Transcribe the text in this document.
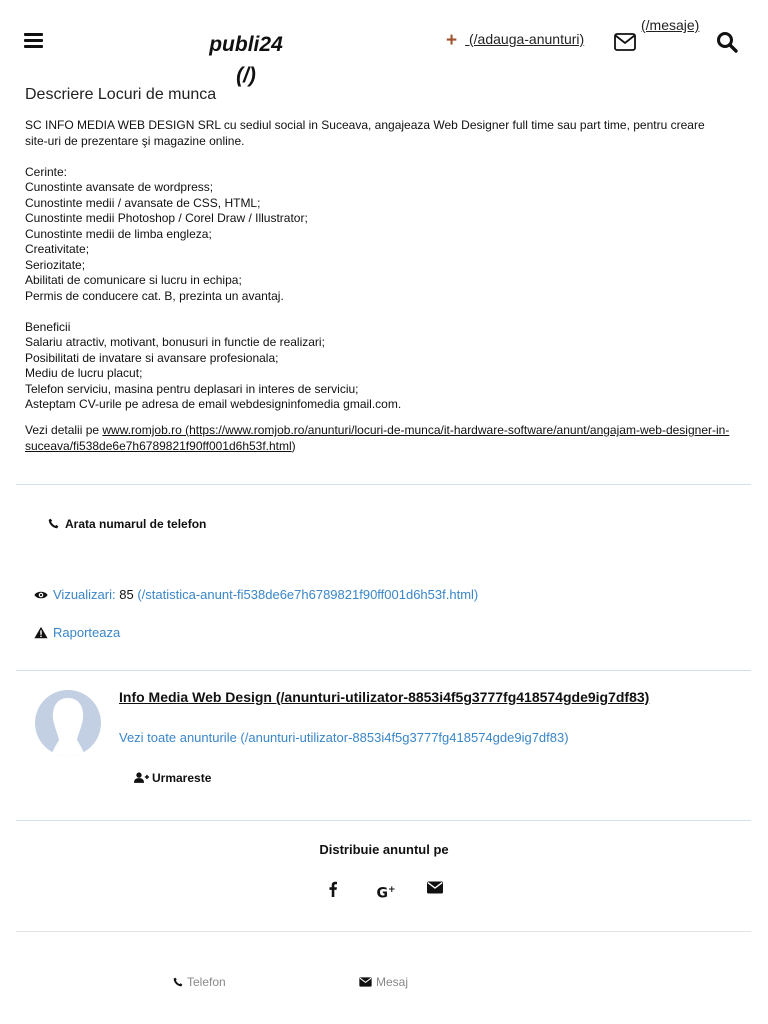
publi24
(/)
+ (/adauga-anunturi)
(/mesaje)
Descriere Locuri de munca
SC INFO MEDIA WEB DESIGN SRL cu sediul social in Suceava, angajeaza Web Designer full time sau part time, pentru creare
site-uri de prezentare şi magazine online.
Cerinte:
Cunostinte avansate de wordpress;
Cunostinte medii / avansate de CSS, HTML;
Cunostinte medii Photoshop / Corel Draw / Illustrator;
Cunostinte medii de limba engleza;
Creativitate;
Seriozitate;
Abilitati de comunicare si lucru in echipa;
Permis de conducere cat. B, prezinta un avantaj.
Beneficii
Salariu atractiv, motivant, bonusuri in functie de realizari;
Posibilitati de invatare si avansare profesionala;
Mediu de lucru placut;
Telefon serviciu, masina pentru deplasari in interes de serviciu;
Asteptam CV-urile pe adresa de email webdesigninfomedia gmail.com.
Vezi detalii pe www.romjob.ro (https://www.romjob.ro/anunturi/locuri-de-munca/it-hardware-software/anunt/angajam-web-designer-in-suceava/fi538de6e7h6789821f90ff001d6h53f.html)
Arata numarul de telefon
Vizualizari: 85 (/statistica-anunt-fi538de6e7h6789821f90ff001d6h53f.html)
Raporteaza
Info Media Web Design (/anunturi-utilizator-8853i4f5g3777fg418574gde9ig7df83)
Vezi toate anunturile (/anunturi-utilizator-8853i4f5g3777fg418574gde9ig7df83)
Urmareste
Distribuie anuntul pe
G+
Telefon	Mesaj
